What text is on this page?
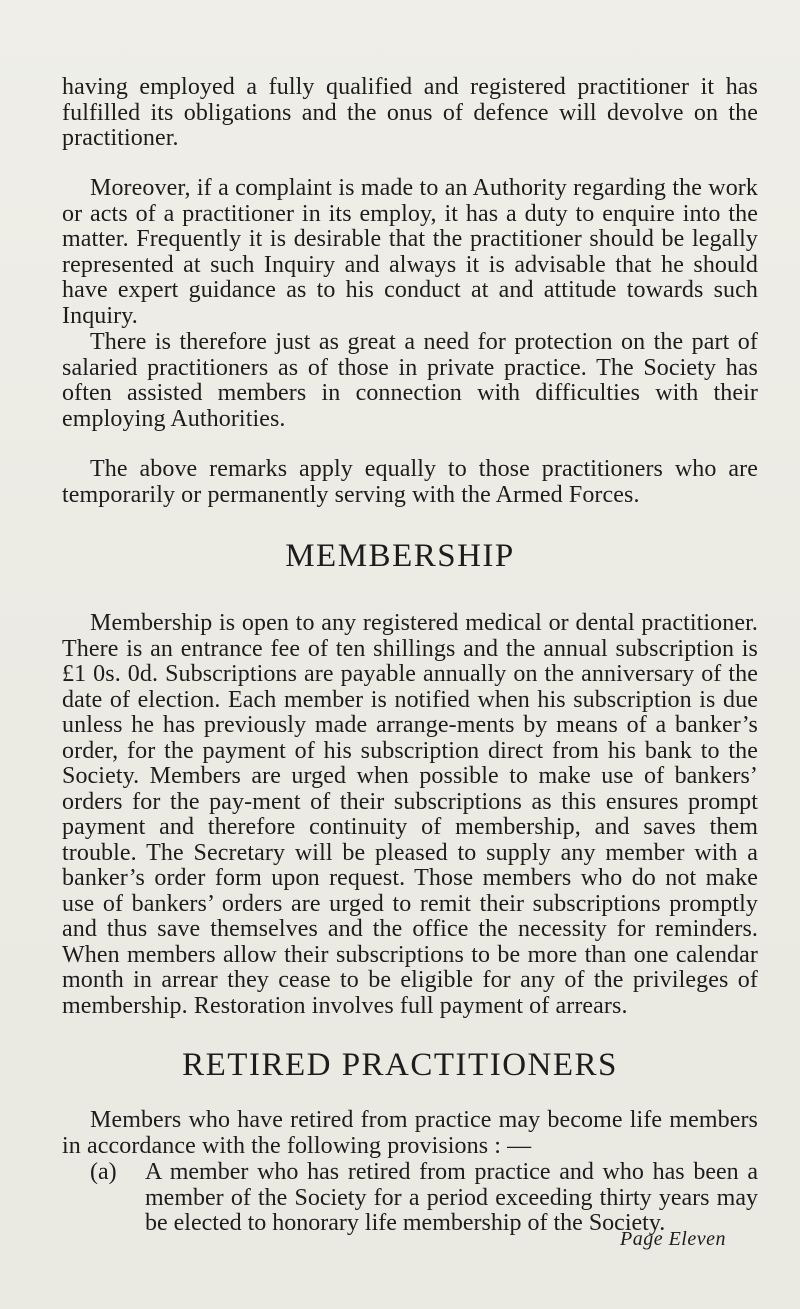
having employed a fully qualified and registered practitioner it has fulfilled its obligations and the onus of defence will devolve on the practitioner.

Moreover, if a complaint is made to an Authority regarding the work or acts of a practitioner in its employ, it has a duty to enquire into the matter. Frequently it is desirable that the practitioner should be legally represented at such Inquiry and always it is advisable that he should have expert guidance as to his conduct at and attitude towards such Inquiry.

There is therefore just as great a need for protection on the part of salaried practitioners as of those in private practice. The Society has often assisted members in connection with difficulties with their employing Authorities.

The above remarks apply equally to those practitioners who are temporarily or permanently serving with the Armed Forces.

MEMBERSHIP

Membership is open to any registered medical or dental practitioner. There is an entrance fee of ten shillings and the annual subscription is £1 0s. 0d. Subscriptions are payable annually on the anniversary of the date of election. Each member is notified when his subscription is due unless he has previously made arrange-ments by means of a banker’s order, for the payment of his subscription direct from his bank to the Society. Members are urged when possible to make use of bankers’ orders for the pay-ment of their subscriptions as this ensures prompt payment and therefore continuity of membership, and saves them trouble. The Secretary will be pleased to supply any member with a banker’s order form upon request. Those members who do not make use of bankers’ orders are urged to remit their subscriptions promptly and thus save themselves and the office the necessity for reminders. When members allow their subscriptions to be more than one calendar month in arrear they cease to be eligible for any of the privileges of membership. Restoration involves full payment of arrears.

RETIRED PRACTITIONERS

Members who have retired from practice may become life members in accordance with the following provisions : —

(a) A member who has retired from practice and who has been a member of the Society for a period exceeding thirty years may be elected to honorary life membership of the Society.
Page Eleven
